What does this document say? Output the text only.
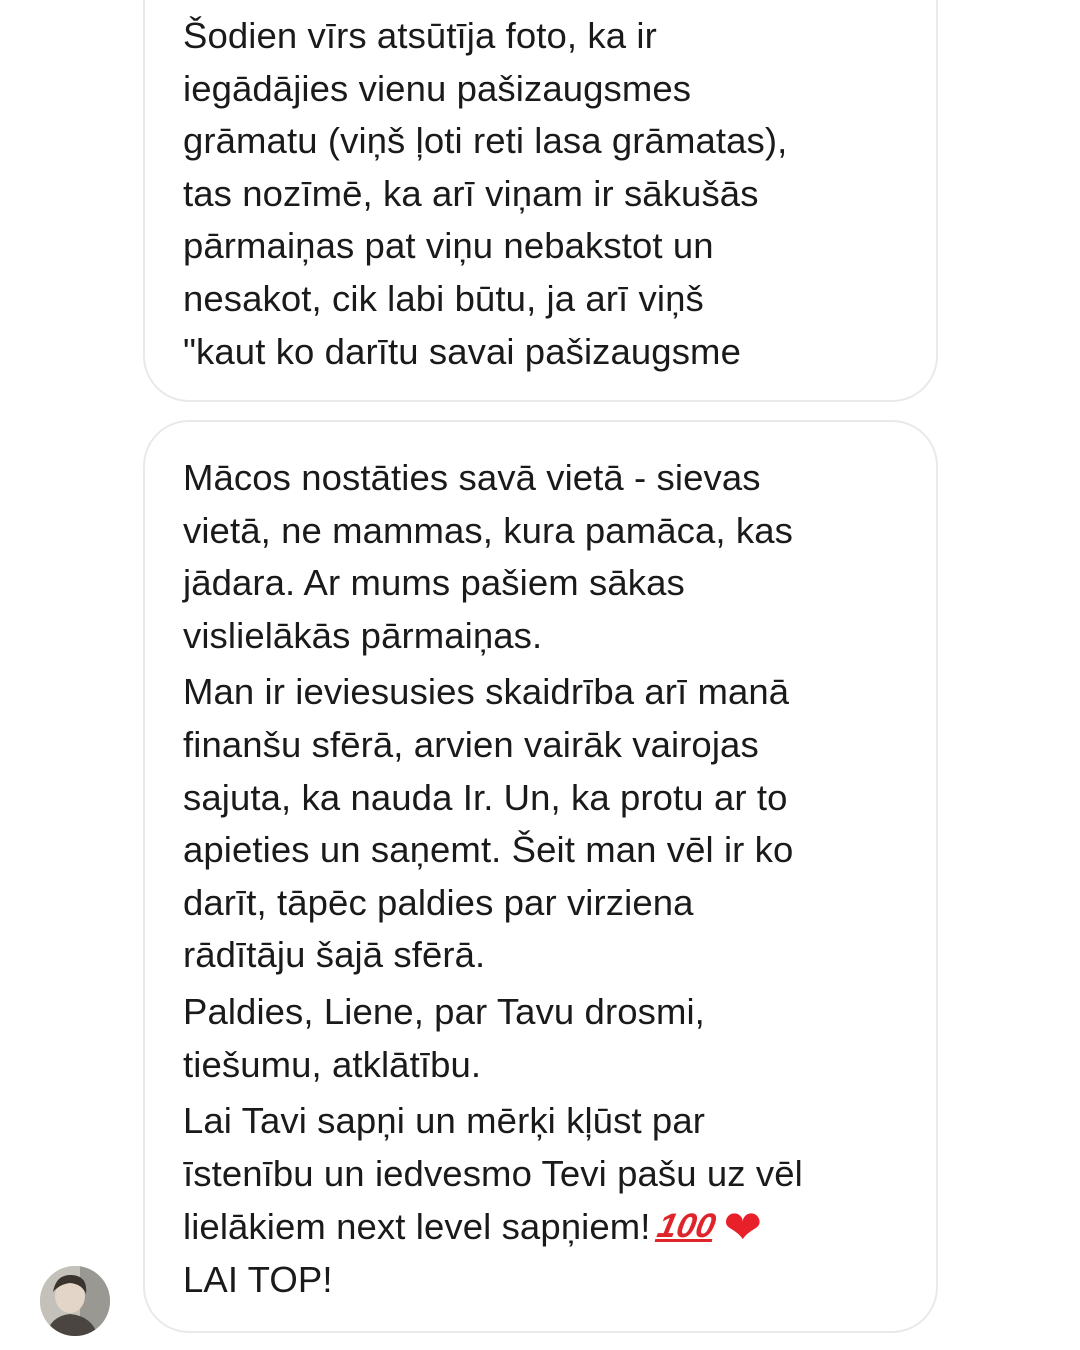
Šodien vīrs atsūtīja foto, ka ir
iegādājies vienu pašizaugsmes
grāmatu (viņš ļoti reti lasa grāmatas),
tas nozīmē, ka arī viņam ir sākušās
pārmaiņas pat viņu nebakstot un
nesakot, cik labi būtu, ja arī viņš
"kaut ko darītu savai pašizaugsme

Mācos nostāties savā vietā - sievas
vietā, ne mammas, kura pamāca, kas
jādara. Ar mums pašiem sākas
vislielākās pārmaiņas.

Man ir ieviesusies skaidrība arī manā
finanšu sfērā, arvien vairāk vairojas
sajuta, ka nauda Ir. Un, ka protu ar to
apieties un saņemt. Šeit man vēl ir ko
darīt, tāpēc paldies par virziena
rādītāju šajā sfērā.

Paldies, Liene, par Tavu drosmi,
tiešumu, atklātību.

Lai Tavi sapņi un mērķi kļūst par
īstenību un iedvesmo Tevi pašu uz vēl
lielākiem next level sapņiem! 100❤

LAI TOP!
